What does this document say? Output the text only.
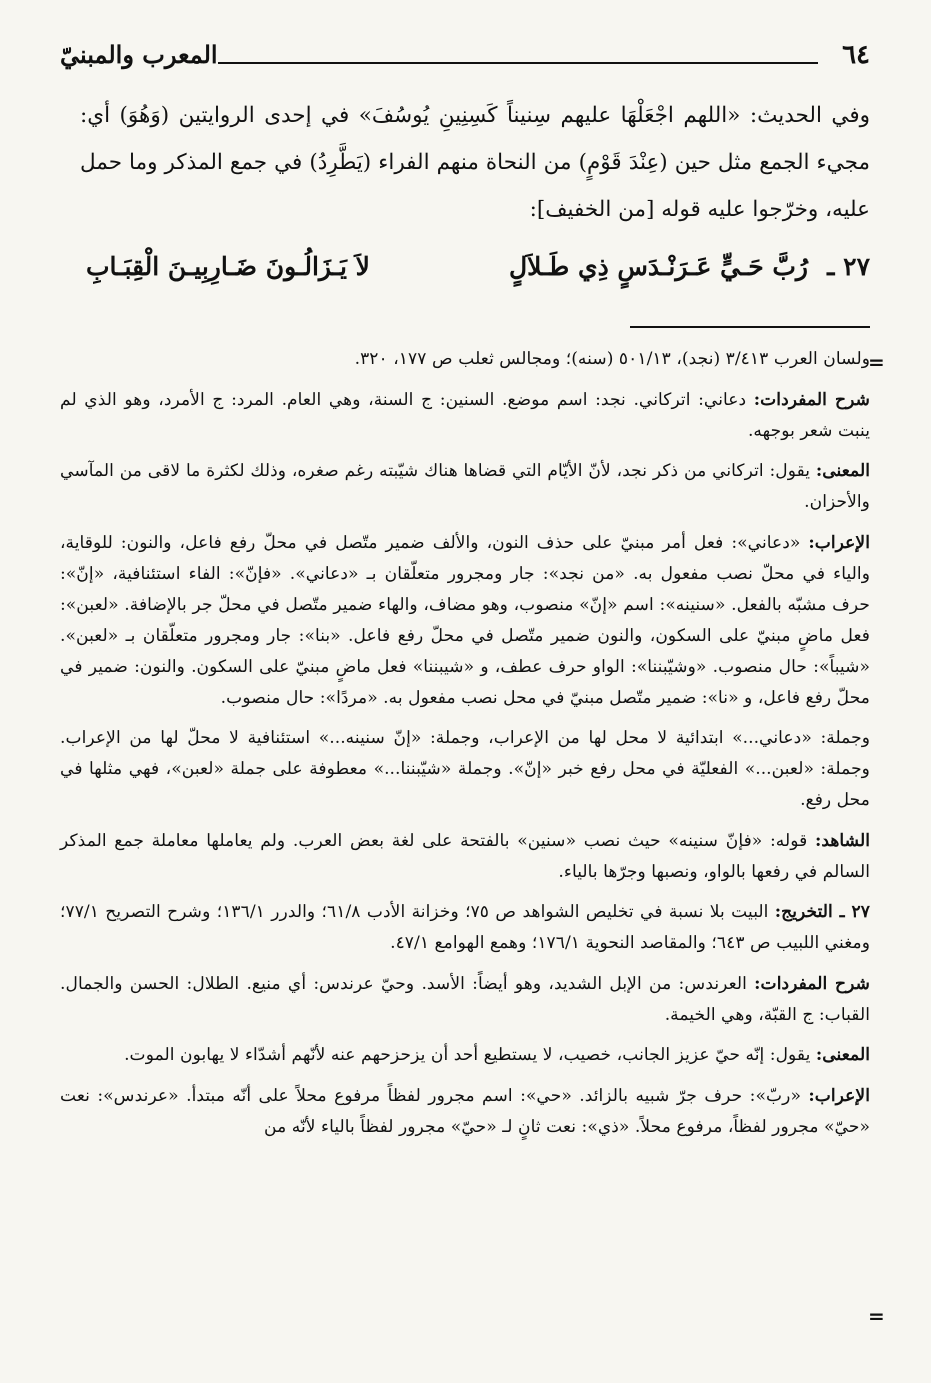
٦٤
المعرب والمبنيّ

وفي الحديث: «اللهم اجْعَلْهَا عليهم سِنيناً كَسِنِينِ يُوسُفَ» في إحدى الروايتين (وَهُوَ) أي: مجيء الجمع مثل حين (عِنْدَ قَوْمٍ) من النحاة منهم الفراء (يَطَّرِدُ) في جمع المذكر وما حمل عليه، وخرّجوا عليه قوله [من الخفيف]:

٢٧ ـ
رُبَّ حَـيٍّ عَـرَنْـدَسٍ ذِي طَـلاَلٍ
لاَ يَـزَالُـونَ ضَـارِبِيـنَ الْقِبَـابِ
=
=

ولسان العرب ٣/٤١٣ (نجد)، ٥٠١/١٣ (سنه)؛ ومجالس ثعلب ص ١٧٧، ٣٢٠.

شرح المفردات: دعاني: اتركاني. نجد: اسم موضع. السنين: ج السنة، وهي العام. المرد: ج الأمرد، وهو الذي لم ينبت شعر بوجهه.

المعنى: يقول: اتركاني من ذكر نجد، لأنّ الأيّام التي قضاها هناك شيّبته رغم صغره، وذلك لكثرة ما لاقى من المآسي والأحزان.

الإعراب: «دعاني»: فعل أمر مبنيّ على حذف النون، والألف ضمير متّصل في محلّ رفع فاعل، والنون: للوقاية، والياء في محلّ نصب مفعول به. «من نجد»: جار ومجرور متعلّقان بـ «دعاني». «فإنّ»: الفاء استئنافية، «إنّ»: حرف مشبّه بالفعل. «سنينه»: اسم «إنّ» منصوب، وهو مضاف، والهاء ضمير متّصل في محلّ جر بالإضافة. «لعبن»: فعل ماضٍ مبنيّ على السكون، والنون ضمير متّصل في محلّ رفع فاعل. «بنا»: جار ومجرور متعلّقان بـ «لعبن». «شيباً»: حال منصوب. «وشيّبننا»: الواو حرف عطف، و «شيبننا» فعل ماضٍ مبنيّ على السكون. والنون: ضمير في محلّ رفع فاعل، و «نا»: ضمير متّصل مبنيّ في محل نصب مفعول به. «مردًا»: حال منصوب.

وجملة: «دعاني...» ابتدائية لا محل لها من الإعراب، وجملة: «إنّ سنينه...» استئنافية لا محلّ لها من الإعراب. وجملة: «لعبن...» الفعليّة في محل رفع خبر «إنّ». وجملة «شيّبننا...» معطوفة على جملة «لعبن»، فهي مثلها في محل رفع.

الشاهد: قوله: «فإنّ سنينه» حيث نصب «سنين» بالفتحة على لغة بعض العرب. ولم يعاملها معاملة جمع المذكر السالم في رفعها بالواو، ونصبها وجرّها بالياء.

٢٧ ـ التخريج: البيت بلا نسبة في تخليص الشواهد ص ٧٥؛ وخزانة الأدب ٦١/٨؛ والدرر ١٣٦/١؛ وشرح التصريح ٧٧/١؛ ومغني اللبيب ص ٦٤٣؛ والمقاصد النحوية ١٧٦/١؛ وهمع الهوامع ٤٧/١.

شرح المفردات: العرندس: من الإبل الشديد، وهو أيضاً: الأسد. وحيّ عرندس: أي منيع. الطلال: الحسن والجمال. القباب: ج القبّة، وهي الخيمة.

المعنى: يقول: إنّه حيّ عزيز الجانب، خصيب، لا يستطيع أحد أن يزحزحهم عنه لأنّهم أشدّاء لا يهابون الموت.

الإعراب: «ربّ»: حرف جرّ شبيه بالزائد. «حي»: اسم مجرور لفظاً مرفوع محلاً على أنّه مبتدأ. «عرندس»: نعت «حيّ» مجرور لفظاً، مرفوع محلاً. «ذي»: نعت ثانٍ لـ «حيّ» مجرور لفظاً بالياء لأنّه من
